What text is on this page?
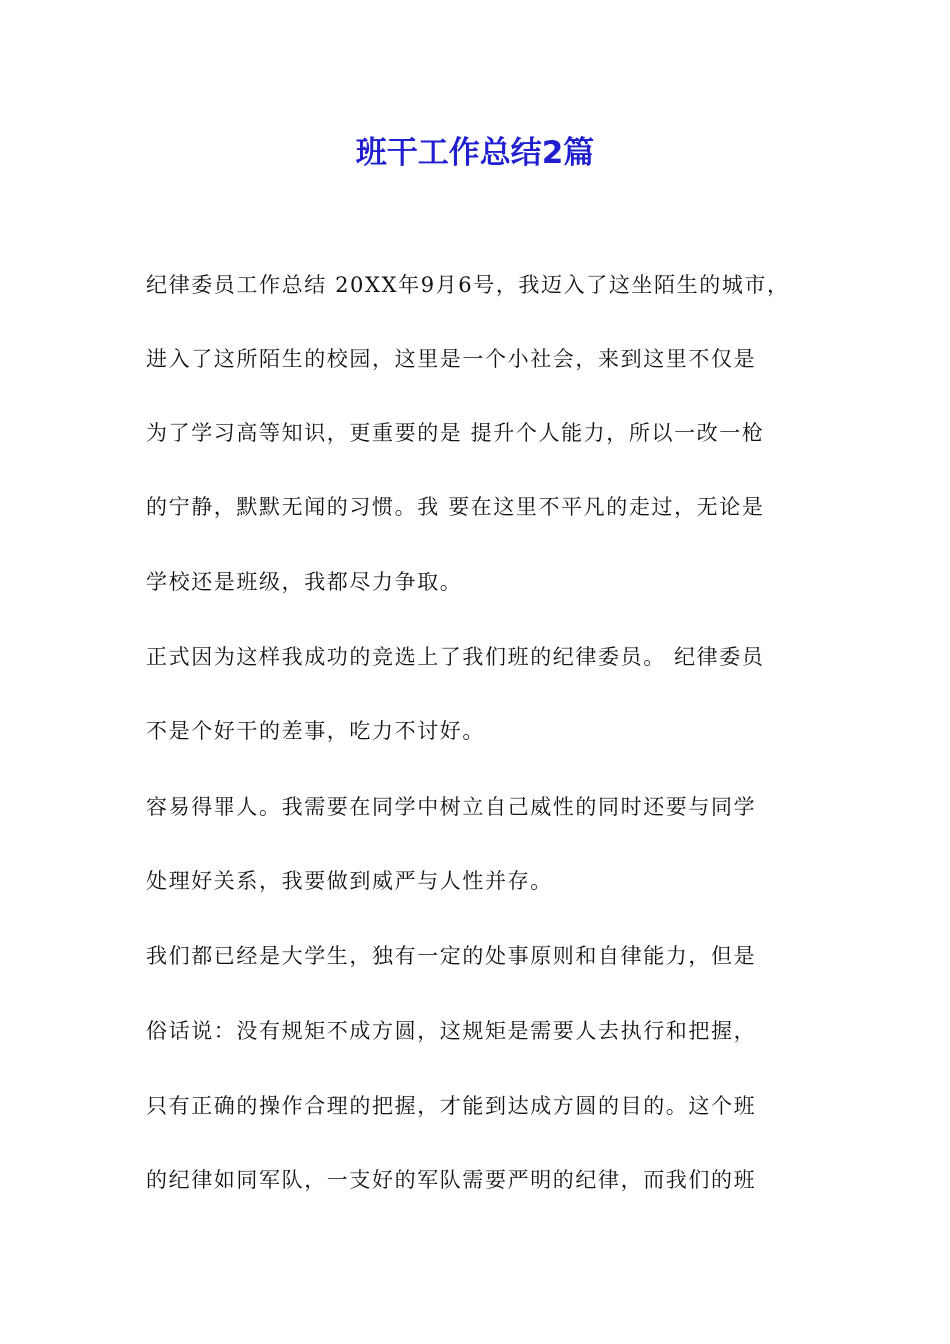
班干工作总结2篇
纪律委员工作总结 20XX年9月6号，我迈入了这坐陌生的城市，
进入了这所陌生的校园，这里是一个小社会，来到这里不仅是
为了学习高等知识，更重要的是 提升个人能力，所以一改一枪
的宁静，默默无闻的习惯。我 要在这里不平凡的走过，无论是
学校还是班级，我都尽力争取。
正式因为这样我成功的竞选上了我们班的纪律委员。 纪律委员
不是个好干的差事，吃力不讨好。
容易得罪人。我需要在同学中树立自己威性的同时还要与同学
处理好关系，我要做到威严与人性并存。
我们都已经是大学生，独有一定的处事原则和自律能力，但是
俗话说：没有规矩不成方圆，这规矩是需要人去执行和把握，
只有正确的操作合理的把握，才能到达成方圆的目的。这个班
的纪律如同军队，一支好的军队需要严明的纪律，而我们的班
